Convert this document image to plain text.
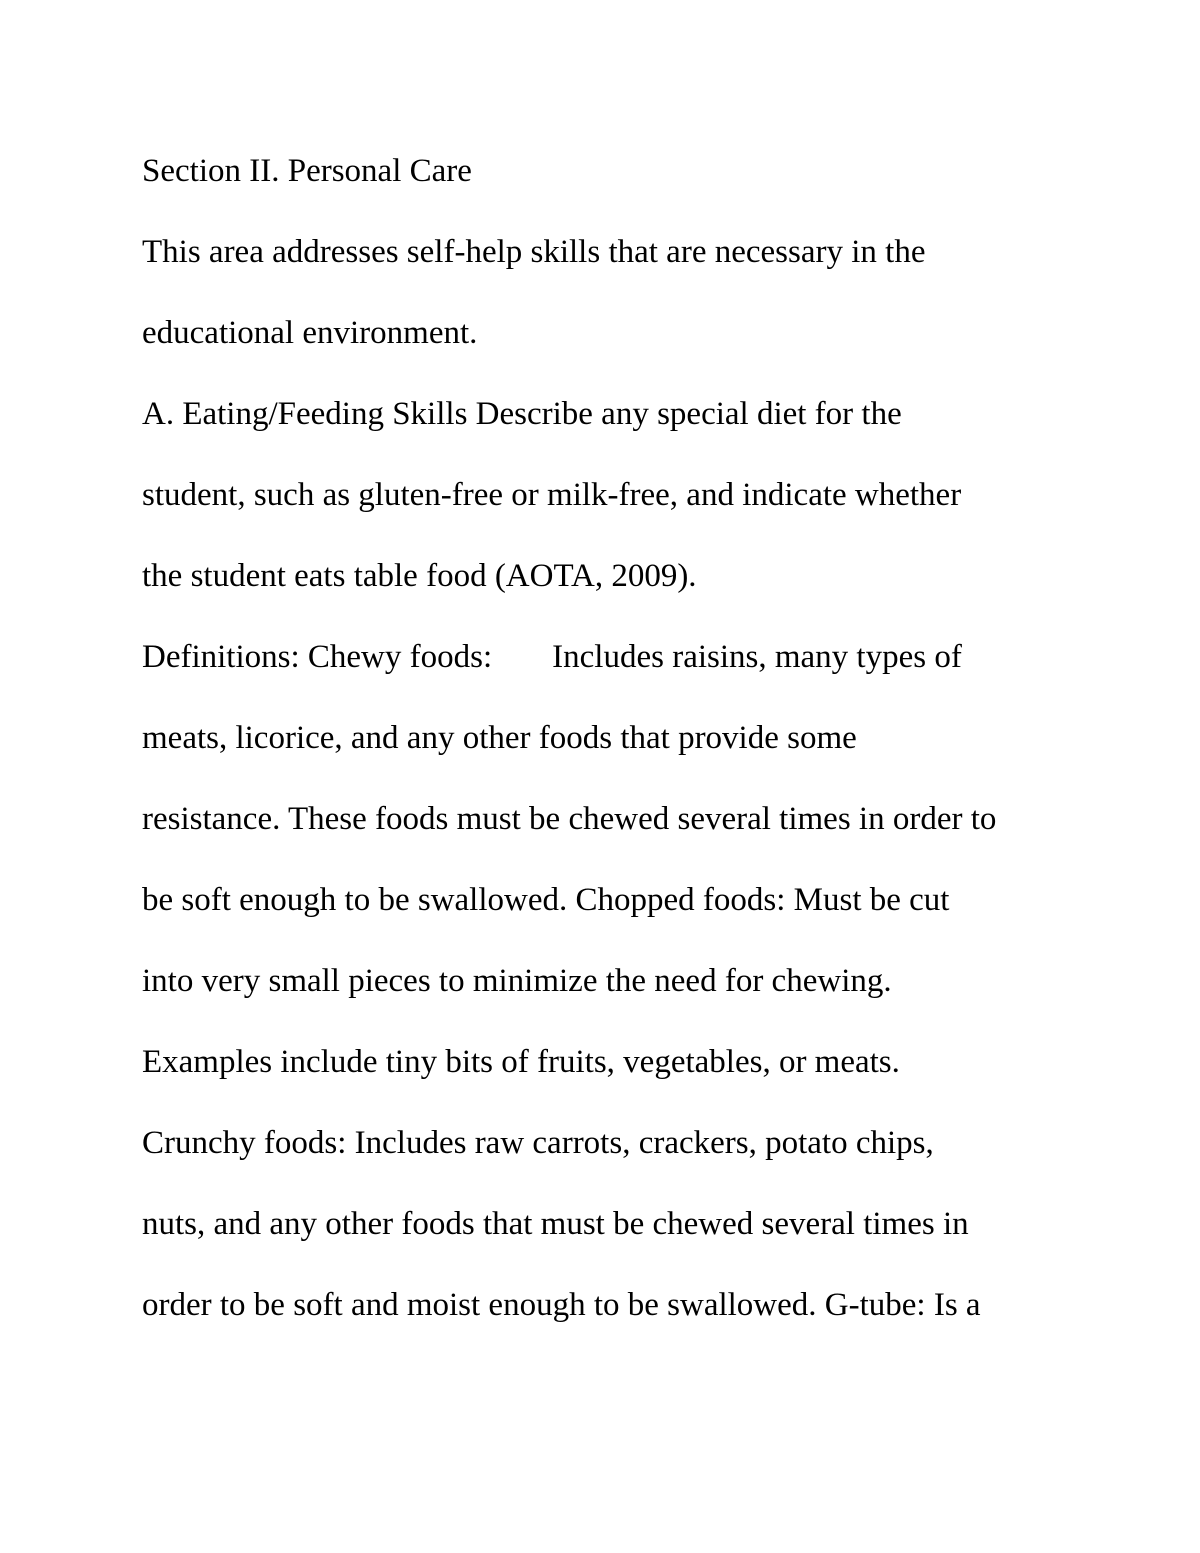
Section II. Personal Care
This area addresses self-help skills that are necessary in the
educational environment.
A. Eating/Feeding Skills Describe any special diet for the
student, such as gluten-free or milk-free, and indicate whether
the student eats table food (AOTA, 2009).
Definitions: Chewy foods: Includes raisins, many types of
meats, licorice, and any other foods that provide some
resistance. These foods must be chewed several times in order to
be soft enough to be swallowed. Chopped foods: Must be cut
into very small pieces to minimize the need for chewing.
Examples include tiny bits of fruits, vegetables, or meats.
Crunchy foods: Includes raw carrots, crackers, potato chips,
nuts, and any other foods that must be chewed several times in
order to be soft and moist enough to be swallowed. G-tube: Is a
